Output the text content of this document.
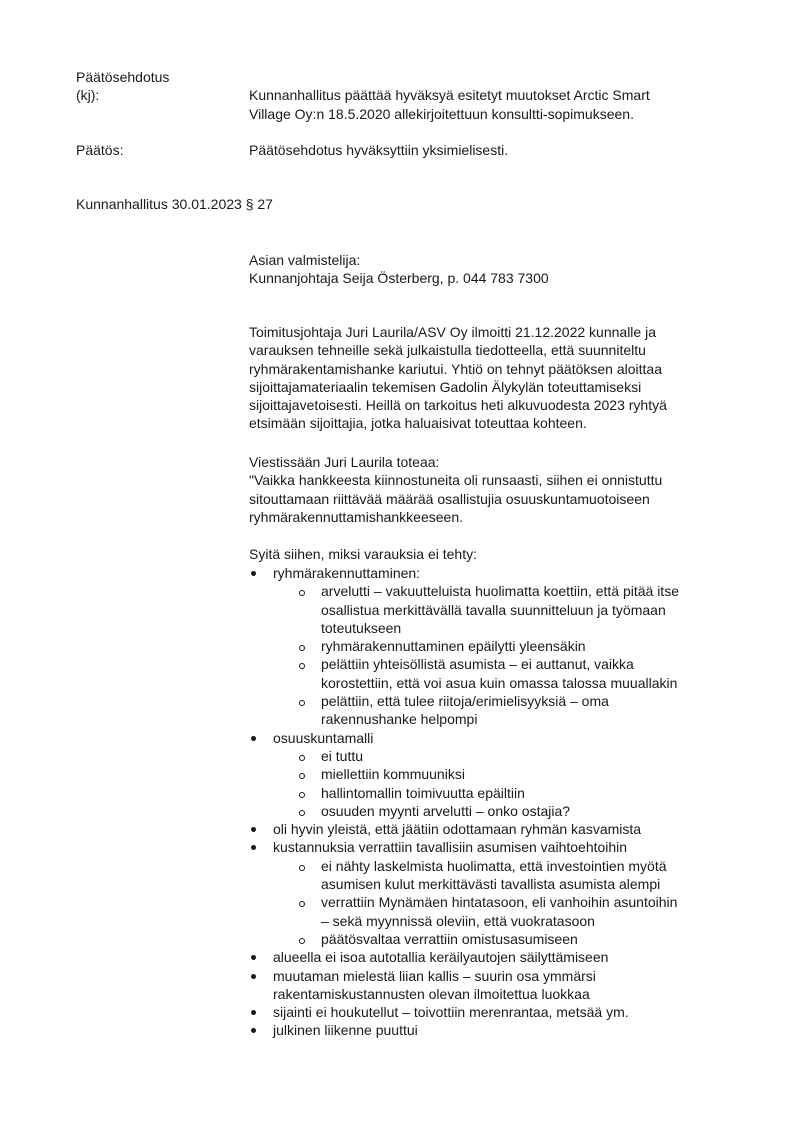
Päätösehdotus
(kj):	Kunnanhallitus päättää hyväksyä esitetyt muutokset Arctic Smart
Village Oy:n 18.5.2020 allekirjoitettuun konsultti-sopimukseen.
Päätös:	Päätösehdotus hyväksyttiin yksimielisesti.
Kunnanhallitus 30.01.2023 § 27
Asian valmistelija:
Kunnanjohtaja Seija Österberg, p. 044 783 7300
Toimitusjohtaja Juri Laurila/ASV Oy ilmoitti 21.12.2022 kunnalle ja
varauksen tehneille sekä julkaistulla tiedotteella, että suunniteltu
ryhmärakentamishanke kariutui. Yhtiö on tehnyt päätöksen aloittaa
sijoittajamateriaalin tekemisen Gadolin Älykylän toteuttamiseksi
sijoittajavetoisesti. Heillä on tarkoitus heti alkuvuodesta 2023 ryhtyä
etsimään sijoittajia, jotka haluaisivat toteuttaa kohteen.
Viestissään Juri Laurila toteaa:
"Vaikka hankkeesta kiinnostuneita oli runsaasti, siihen ei onnistuttu
sitouttamaan riittävää määrää osallistujia osuuskuntamuotoiseen
ryhmärakennuttamishankkeeseen.
Syitä siihen, miksi varauksia ei tehty:
ryhmärakennuttaminen:
arvelutti – vakuutteluista huolimatta koettiin, että pitää itse
osallistua merkittävällä tavalla suunnitteluun ja työmaan
toteutukseen
ryhmärakennuttaminen epäilytti yleensäkin
pelättiin yhteisöllistä asumista – ei auttanut, vaikka
korostettiin, että voi asua kuin omassa talossa muuallakin
pelättiin, että tulee riitoja/erimielisyyksiä – oma
rakennushanke helpompi
osuuskuntamalli
ei tuttu
miellettiin kommuuniksi
hallintomallin toimivuutta epäiltiin
osuuden myynti arvelutti – onko ostajia?
oli hyvin yleistä, että jäätiin odottamaan ryhmän kasvamista
kustannuksia verrattiin tavallisiin asumisen vaihtoehtoihin
ei nähty laskelmista huolimatta, että investointien myötä
asumisen kulut merkittävästi tavallista asumista alempi
verrattiin Mynämäen hintatasoon, eli vanhoihin asuntoihin
– sekä myynnissä oleviin, että vuokratasoon
päätösvaltaa verrattiin omistusasumiseen
alueella ei isoa autotallia keräilyautojen säilyttämiseen
muutaman mielestä liian kallis – suurin osa ymmärsi
rakentamiskustannusten olevan ilmoitettua luokkaa
sijainti ei houkutellut – toivottiin merenrantaa, metsää ym.
julkinen liikenne puuttui
